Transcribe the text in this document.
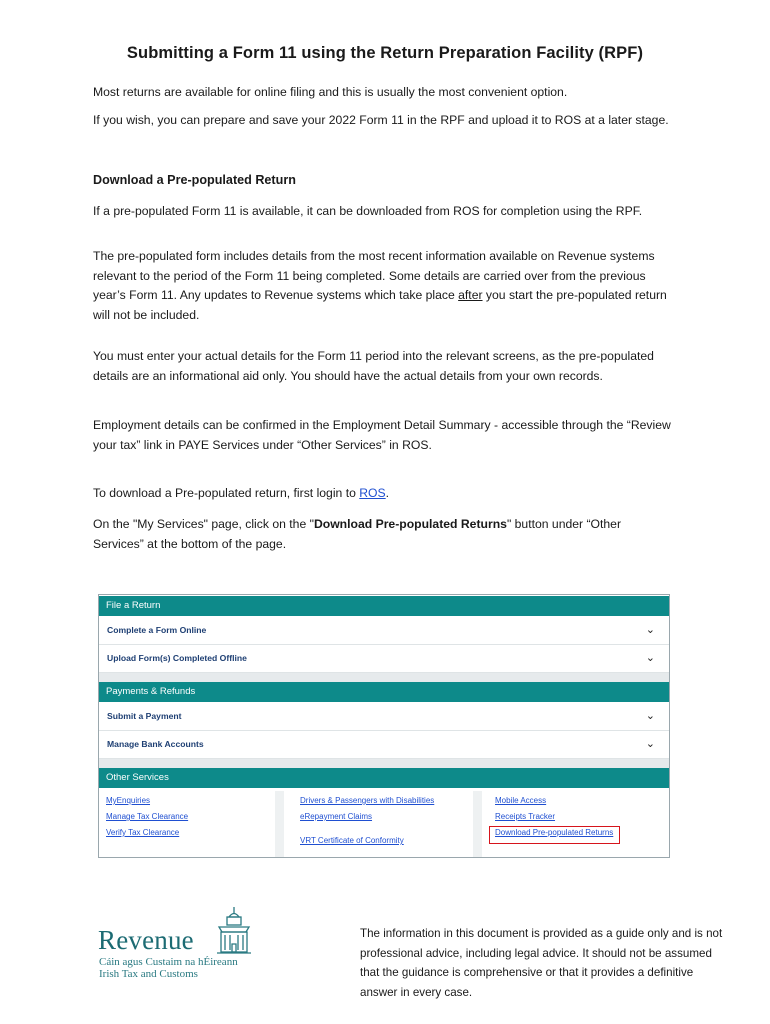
Submitting a Form 11 using the Return Preparation Facility (RPF)

Most returns are available for online filing and this is usually the most convenient option.

If you wish, you can prepare and save your 2022 Form 11 in the RPF and upload it to ROS at a later stage.

Download a Pre-populated Return

If a pre-populated Form 11 is available, it can be downloaded from ROS for completion using the RPF.

The pre-populated form includes details from the most recent information available on Revenue systems relevant to the period of the Form 11 being completed. Some details are carried over from the previous year’s Form 11. Any updates to Revenue systems which take place after you start the pre-populated return will not be included.

You must enter your actual details for the Form 11 period into the relevant screens, as the pre-populated details are an informational aid only. You should have the actual details from your own records.

Employment details can be confirmed in the Employment Detail Summary - accessible through the “Review your tax” link in PAYE Services under “Other Services” in ROS.

To download a Pre-populated return, first login to ROS.

On the "My Services" page, click on the "Download Pre-populated Returns" button under “Other Services” at the bottom of the page.

File a Return
Complete a Form Online	⌄
Upload Form(s) Completed Offline	⌄
Payments & Refunds
Submit a Payment	⌄
Manage Bank Accounts	⌄
Other Services
MyEnquiries
Manage Tax Clearance
Verify Tax Clearance
Drivers & Passengers with Disabilities
eRepayment Claims
VRT Certificate of Conformity
Mobile Access
Receipts Tracker
Download Pre-populated Returns
Revenue
Cáin agus Custaim na hÉireann
Irish Tax and Customs

The information in this document is provided as a guide only and is not professional advice, including legal advice. It should not be assumed that the guidance is comprehensive or that it provides a definitive answer in every case.
